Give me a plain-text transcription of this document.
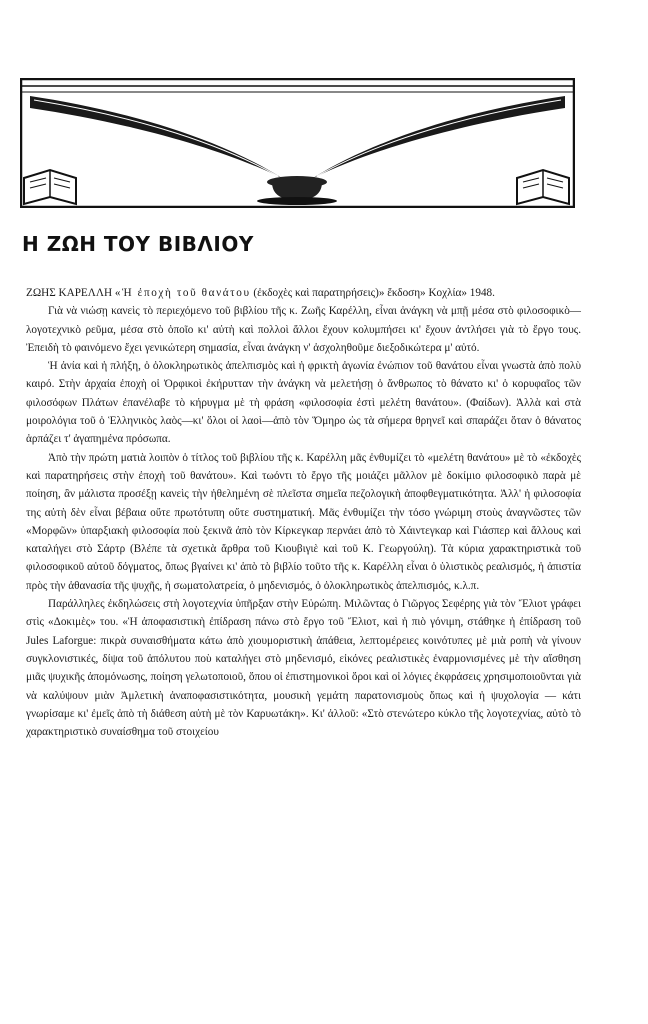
Η ΖΩΗ ΤΟΥ ΒΙΒΛΙΟΥ

ΖΩΗΣ ΚΑΡΕΛΛΗ «Ἡ ἐποχὴ τοῦ θανάτου (ἐκδοχὲς καὶ παρατηρήσεις)» ἔκδοση» Κοχλία» 1948.

Γιὰ νὰ νιώσῃ κανεὶς τὸ περιεχόμενο τοῦ βιβλίου τῆς κ. Ζωῆς Καρέλλη, εἶναι ἀνάγκη νὰ μπῇ μέσα στὸ φιλοσοφικὸ—λογοτεχνικὸ ρεῦμα, μέσα στὸ ὁποῖο κι' αὐτὴ καὶ πολλοὶ ἄλλοι ἔχουν κολυμπήσει κι' ἔχουν ἀντλήσει γιὰ τὸ ἔργο τους. Ἐπειδὴ τὸ φαινόμενο ἔχει γενικώτερη σημασία, εἶναι ἀνάγκη ν' ἀσχοληθοῦμε διεξοδικώτερα μ' αὐτό.

Ἡ ἀνία καὶ ἡ πλήξη, ὁ ὁλοκληρωτικὸς ἀπελπισμὸς καὶ ἡ φρικτὴ ἀγωνία ἐνώπιον τοῦ θανάτου εἶναι γνωστὰ ἀπὸ πολὺ καιρό. Στὴν ἀρχαία ἐποχὴ οἱ Ὀρφικοὶ ἐκήρυτταν τὴν ἀνάγκη νὰ μελετήσῃ ὁ ἄνθρωπος τὸ θάνατο κι' ὁ κορυφαῖος τῶν φιλοσόφων Πλάτων ἐπανέλαβε τὸ κήρυγμα μὲ τὴ φράση «φιλοσοφία ἐστὶ μελέτη θανάτου». (Φαίδων). Ἀλλὰ καὶ στὰ μοιρολόγια τοῦ ὁ Ἑλληνικὸς λαὸς—κι' ὅλοι οἱ λαοὶ—ἀπὸ τὸν Ὅμηρο ὡς τὰ σήμερα θρηνεῖ καὶ σπαράζει ὅταν ὁ θάνατος ἁρπάζει τ' ἀγαπημένα πρόσωπα.

Ἀπὸ τὴν πρώτη ματιὰ λοιπὸν ὁ τίτλος τοῦ βιβλίου τῆς κ. Καρέλλη μᾶς ἐνθυμίζει τὸ «μελέτη θανάτου» μὲ τὸ «ἐκδοχὲς καὶ παρατηρήσεις στὴν ἐποχὴ τοῦ θανάτου». Καὶ τωόντι τὸ ἔργο τῆς μοιάζει μᾶλλον μὲ δοκίμιο φιλοσοφικὸ παρὰ μὲ ποίηση, ἂν μάλιστα προσέξῃ κανεὶς τὴν ἠθελημένη σὲ πλεῖστα σημεῖα πεζολογικὴ ἀποφθεγματικότητα. Ἀλλ' ἡ φιλοσοφία της αὐτὴ δὲν εἶναι βέβαια οὔτε πρωτότυπη οὔτε συστηματική. Μᾶς ἐνθυμίζει τὴν τόσο γνώριμη στοὺς ἀναγνῶστες τῶν «Μορφῶν» ὑπαρξιακὴ φιλοσοφία ποὺ ξεκινᾶ ἀπὸ τὸν Κίρκεγκαρ περνάει ἀπὸ τὸ Χάιντεγκαρ καὶ Γιάσπερ καὶ ἄλλους καὶ καταλήγει στὸ Σάρτρ (Βλέπε τὰ σχετικὰ ἄρθρα τοῦ Κιουβιγιὲ καὶ τοῦ Κ. Γεωργούλη). Τὰ κύρια χαρακτηριστικὰ τοῦ φιλοσοφικοῦ αὐτοῦ δόγματος, ὅπως βγαίνει κι' ἀπὸ τὸ βιβλίο τοῦτο τῆς κ. Καρέλλη εἶναι ὁ ὑλιστικὸς ρεαλισμός, ἡ ἀπιστία πρὸς τὴν ἀθανασία τῆς ψυχῆς, ἡ σωματολατρεία, ὁ μηδενισμός, ὁ ὁλοκληρωτικὸς ἀπελπισμός, κ.λ.π.

Παράλληλες ἐκδηλώσεις στὴ λογοτεχνία ὑπῆρξαν στὴν Εὐρώπη. Μιλῶντας ὁ Γιῶργος Σεφέρης γιὰ τὸν Ἔλιοτ γράφει στὶς «Δοκιμὲς» του. «Ἡ ἀποφασιστικὴ ἐπίδραση πάνω στὸ ἔργο τοῦ Ἔλιοτ, καὶ ἡ πιὸ γόνιμη, στάθηκε ἡ ἐπίδραση τοῦ Jules Laforgue: πικρὰ συναισθήματα κάτω ἀπὸ χιουμοριστικὴ ἀπάθεια, λεπτομέρειες κοινότυπες μὲ μιὰ ροπὴ νὰ γίνουν συγκλονιστικές, δίψα τοῦ ἀπόλυτου ποὺ καταλήγει στὸ μηδενισμό, εἰκόνες ρεαλιστικὲς ἐναρμονισμένες μὲ τὴν αἴσθηση μιᾶς ψυχικῆς ἀπομόνωσης, ποίηση γελωτοποιοῦ, ὅπου οἱ ἐπιστημονικοὶ ὅροι καὶ οἱ λόγιες ἐκφράσεις χρησιμοποιοῦνται γιὰ νὰ καλύψουν μιὰν Ἀμλετικὴ ἀναποφασιστικότητα, μουσικὴ γεμάτη παρατονισμοὺς ὅπως καὶ ἡ ψυχολογία — κάτι γνωρίσαμε κι' ἐμεῖς ἀπὸ τὴ διάθεση αὐτὴ μὲ τὸν Καρυωτάκη». Κι' ἀλλοῦ: «Στὸ στενώτερο κύκλο τῆς λογοτεχνίας, αὐτὸ τὸ χαρακτηριστικὸ συναίσθημα τοῦ στοιχείου
